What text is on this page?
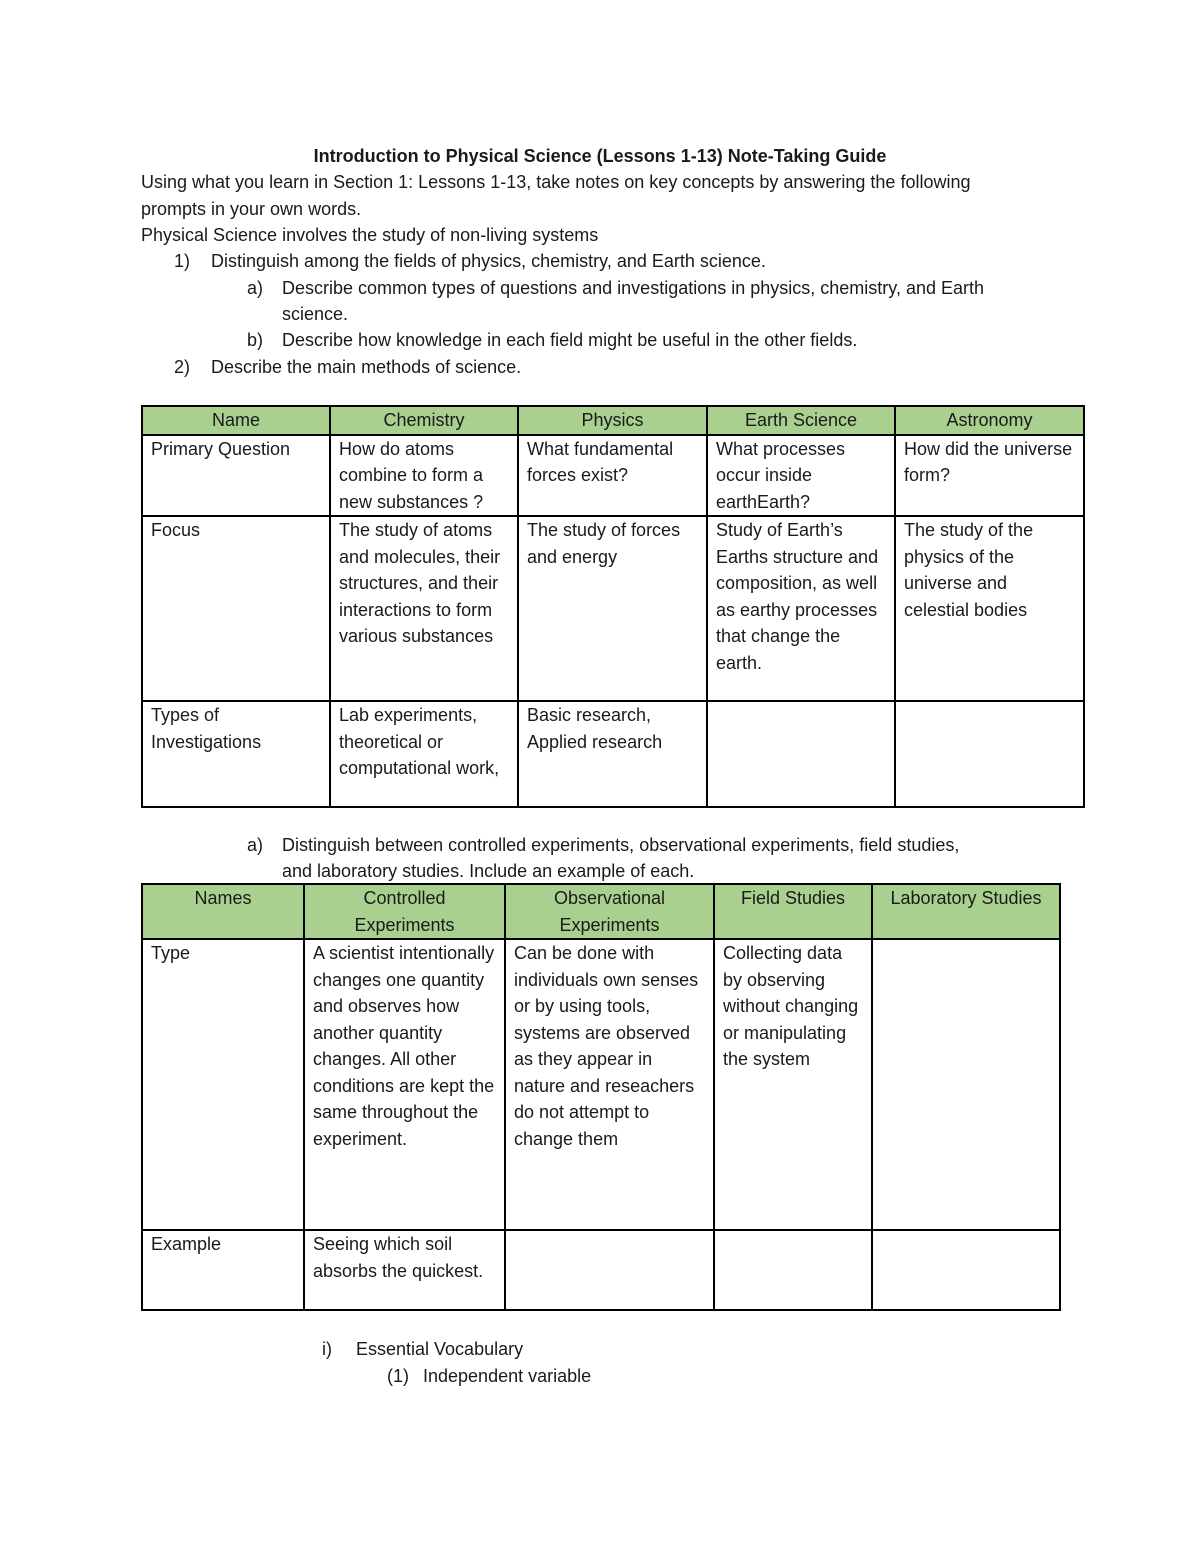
Introduction to Physical Science (Lessons 1-13) Note-Taking Guide
Using what you learn in Section 1: Lessons 1-13, take notes on key concepts by answering the following
prompts in your own words.
Physical Science involves the study of non-living systems
1) Distinguish among the fields of physics, chemistry, and Earth science.
a) Describe common types of questions and investigations in physics, chemistry, and Earth
science.
b) Describe how knowledge in each field might be useful in the other fields.
2) Describe the main methods of science.
Name	Chemistry	Physics	Earth Science	Astronomy
Primary Question	How do atoms combine to form a new substances ?	What fundamental forces exist?	What processes occur inside earthEarth?	How did the universe form?
Focus	The study of atoms and molecules, their structures, and their interactions to form various substances	The study of forces and energy	Study of Earth’s Earths structure and composition, as well as earthy processes that change the earth.	The study of the physics of the universe and celestial bodies
Types of Investigations	Lab experiments, theoretical or computational work,	Basic research, Applied research		
a) Distinguish between controlled experiments, observational experiments, field studies,
and laboratory studies. Include an example of each.
Names	Controlled Experiments	Observational Experiments	Field Studies	Laboratory Studies
Type	A scientist intentionally changes one quantity and observes how another quantity changes. All other conditions are kept the same throughout the experiment.	Can be done with individuals own senses or by using tools, systems are observed as they appear in nature and reseachers do not attempt to change them	Collecting data by observing without changing or manipulating the system	
Example	Seeing which soil absorbs the quickest.			
i) Essential Vocabulary
(1) Independent variable
